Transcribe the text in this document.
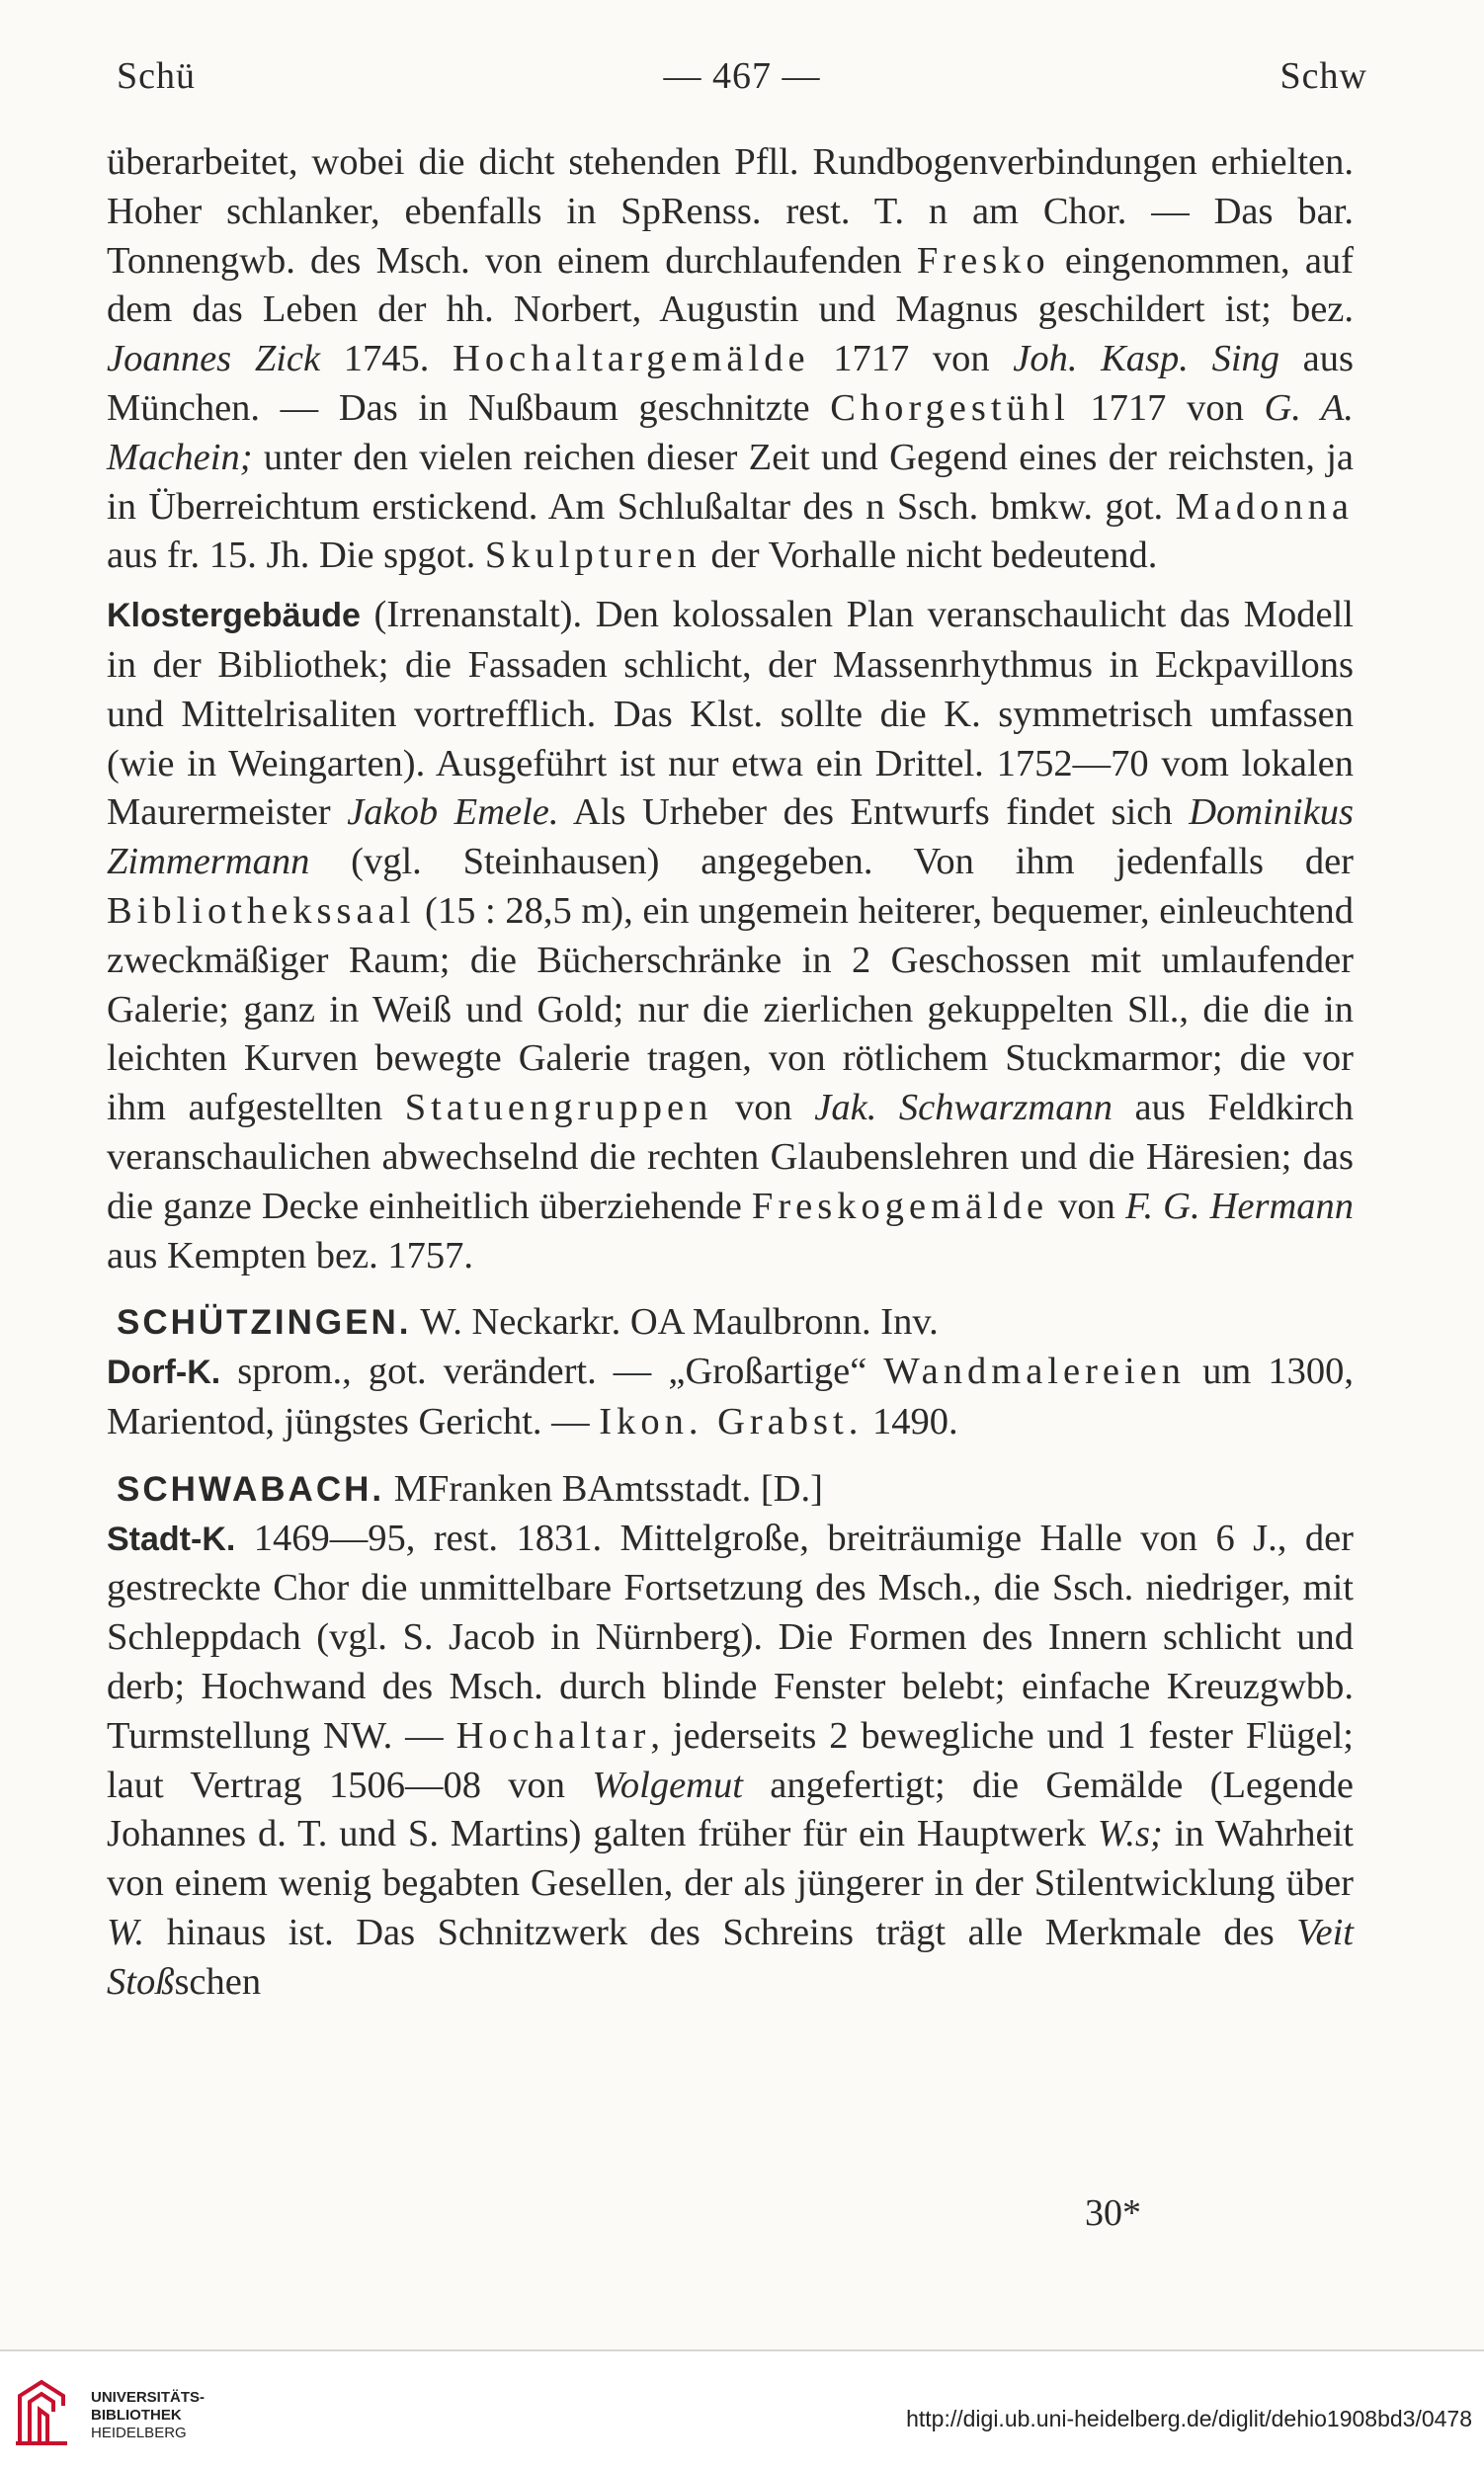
Schü	— 467 —	Schw

überarbeitet, wobei die dicht stehenden Pfll. Rundbogenverbindungen erhielten. Hoher schlanker, ebenfalls in SpRenss. rest. T. n am Chor. — Das bar. Tonnengwb. des Msch. von einem durchlaufenden Fresko eingenommen, auf dem das Leben der hh. Norbert, Augustin und Magnus geschildert ist; bez. Joannes Zick 1745. Hochaltargemälde 1717 von Joh. Kasp. Sing aus München. — Das in Nußbaum geschnitzte Chorgestühl 1717 von G. A. Machein; unter den vielen reichen dieser Zeit und Gegend eines der reichsten, ja in Überreichtum erstickend. Am Schlußaltar des n Ssch. bmkw. got. Madonna aus fr. 15. Jh. Die spgot. Skulpturen der Vorhalle nicht bedeutend.

Klostergebäude (Irrenanstalt). Den kolossalen Plan veranschaulicht das Modell in der Bibliothek; die Fassaden schlicht, der Massenrhythmus in Eckpavillons und Mittelrisaliten vortrefflich. Das Klst. sollte die K. symmetrisch umfassen (wie in Weingarten). Ausgeführt ist nur etwa ein Drittel. 1752—70 vom lokalen Maurermeister Jakob Emele. Als Urheber des Entwurfs findet sich Dominikus Zimmermann (vgl. Steinhausen) angegeben. Von ihm jedenfalls der Bibliothekssaal (15 : 28,5 m), ein ungemein heiterer, bequemer, einleuchtend zweckmäßiger Raum; die Bücherschränke in 2 Geschossen mit umlaufender Galerie; ganz in Weiß und Gold; nur die zierlichen gekuppelten Sll., die die in leichten Kurven bewegte Galerie tragen, von rötlichem Stuckmarmor; die vor ihm aufgestellten Statuengruppen von Jak. Schwarzmann aus Feldkirch veranschaulichen abwechselnd die rechten Glaubenslehren und die Häresien; das die ganze Decke einheitlich überziehende Freskogemälde von F. G. Hermann aus Kempten bez. 1757.

SCHÜTZINGEN. W. Neckarkr. OA Maulbronn. Inv.

Dorf-K. sprom., got. verändert. — „Großartige“ Wandmalereien um 1300, Marientod, jüngstes Gericht. — Ikon. Grabst. 1490.

SCHWABACH. MFranken BAmtsstadt. [D.]

Stadt-K. 1469—95, rest. 1831. Mittelgroße, breiträumige Halle von 6 J., der gestreckte Chor die unmittelbare Fortsetzung des Msch., die Ssch. niedriger, mit Schleppdach (vgl. S. Jacob in Nürnberg). Die Formen des Innern schlicht und derb; Hochwand des Msch. durch blinde Fenster belebt; einfache Kreuzgwbb. Turmstellung NW. — Hochaltar, jederseits 2 bewegliche und 1 fester Flügel; laut Vertrag 1506—08 von Wolgemut angefertigt; die Gemälde (Legende Johannes d. T. und S. Martins) galten früher für ein Hauptwerk W.s; in Wahrheit von einem wenig begabten Gesellen, der als jüngerer in der Stilentwicklung über W. hinaus ist. Das Schnitzwerk des Schreins trägt alle Merkmale des Veit Stoßschen

30*
UNIVERSITÄTS-
BIBLIOTHEK
HEIDELBERG
http://digi.ub.uni-heidelberg.de/diglit/dehio1908bd3/0478
